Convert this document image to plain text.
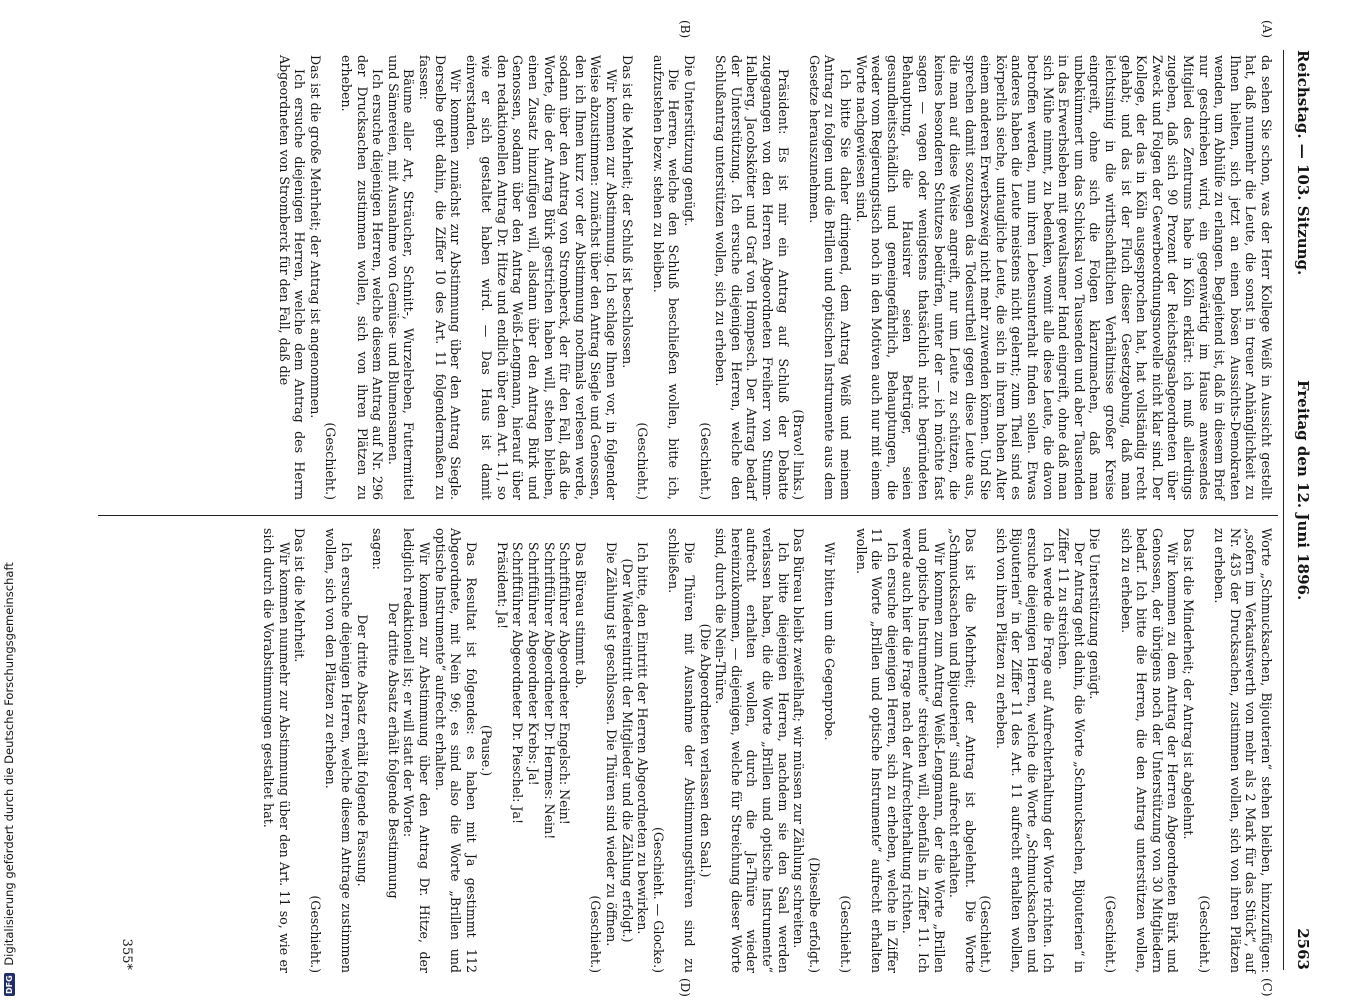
Reichstag. — 103. Sitzung.
Freitag den 12. Juni 1896.
2563
(A)
(B)
(C)
(D)

da sehen Sie schon, was der Herr Kollege Weiß in Aussicht gestellt hat, daß nunmehr die Leute, die sonst in treuer Anhänglichkeit zu Ihnen hielten, sich jetzt an einen bösen Aussichts-Demokraten wenden, um Abhülfe zu erlangen. Begleitend ist, daß in diesem Brief nur geschrieben wird, ein gegenwärtig im Hause anwesendes Mitglied des Zentrums habe in Köln erklärt: ich muß allerdings zugeben, daß sich 90 Prozent der Reichstagsabgeordneten über Zweck und Folgen der Gewerbeordnungsnovelle nicht klar sind. Der Kollege, der das in Köln ausgesprochen hat, hat vollständig recht gehabt; und das ist der Fluch dieser Gesetzgebung, daß man leichtsinnig in die wirthschaftlichen Verhältnisse großer Kreise eingreift, ohne sich die Folgen klarzumachen, daß man unbekümmert um das Schicksal von Tausenden und aber Tausenden in das Erwerbsleben mit gewaltsamer Hand eingreift, ohne daß man sich Mühe nimmt, zu bedenken, womit alle diese Leute, die davon betroffen werden, nun ihren Lebensunterhalt finden sollen. Etwas anderes haben die Leute meistens nicht gelernt; zum Theil sind es körperlich sieche, untaugliche Leute, die sich in ihrem hohen Alter einem anderen Erwerbszweig nicht mehr zuwenden können. Und Sie sprechen damit sozusagen das Todesurtheil gegen diese Leute aus, die man auf diese Weise angreift, nur um Leute zu schützen, die keines besonderen Schutzes bedürfen, unter der — ich möchte fast sagen — vagen oder wenigstens thatsächlich nicht begründeten Behauptung, die Hausirer seien Betrüger, seien gesundheitsschädlich und gemeingefährlich, Behauptungen, die weder vom Regierungstisch noch in den Motiven auch nur mit einem Worte nachgewiesen sind.

Ich bitte Sie daher dringend, dem Antrag Weiß und meinem Antrag zu folgen und die Brillen und optischen Instrumente aus dem Gesetze herauszunehmen.

(Bravo! links.)

Präsident: Es ist mir ein Antrag auf Schluß der Debatte zugegangen von den Herren Abgeordneten Freiherr von Stumm-Halberg, Jacobskötter und Graf von Hompesch. Der Antrag bedarf der Unterstützung. Ich ersuche diejenigen Herren, welche den Schlußantrag unterstützen wollen, sich zu erheben.

(Geschieht.)

Die Unterstützung genügt.

Die Herren, welche den Schluß beschließen wollen, bitte ich, aufzustehen bezw. stehen zu bleiben.

(Geschieht.)

Das ist die Mehrheit; der Schluß ist beschlossen.

Wir kommen zur Abstimmung. Ich schlage Ihnen vor, in folgender Weise abzustimmen: zunächst über den Antrag Siegle und Genossen, den ich Ihnen kurz vor der Abstimmung nochmals verlesen werde, sodann über den Antrag von Stromberck, der für den Fall, daß die Worte, die der Antrag Bürk gestrichen haben will, stehen bleiben, einen Zusatz hinzufügen will, alsdann über den Antrag Bürk und Genossen, sodann über den Antrag Weiß-Lengmann, hierauf über den redaktionellen Antrag Dr. Hitze und endlich über den Art. 11, so wie er sich gestaltet haben wird. — Das Haus ist damit einverstanden.

Wir kommen zunächst zur Abstimmung über den Antrag Siegle. Derselbe geht dahin, die Ziffer 10 des Art. 11 folgendermaßen zu fassen:

Bäume aller Art, Sträucher, Schnitt-, Wurzelreben, Futtermittel und Sämereien, mit Ausnahme von Gemüse- und Blumensamen.

Ich ersuche diejenigen Herren, welche diesem Antrag auf Nr. 296 der Drucksachen zustimmen wollen, sich von ihren Plätzen zu erheben.

(Geschieht.)

Das ist die große Mehrheit; der Antrag ist angenommen.

Ich ersuche diejenigen Herren, welche dem Antrag des Herrn Abgeordneten von Stromberck für den Fall, daß die

Worte „Schmucksachen, Bijouterien“ stehen bleiben, hinzuzufügen: „sofern im Verkaufswerth von mehr als 2 Mark für das Stück“, auf Nr. 435 der Drucksachen, zustimmen wollen, sich von ihren Plätzen zu erheben.

(Geschieht.)

Das ist die Minderheit; der Antrag ist abgelehnt.

Wir kommen zu dem Antrag der Herren Abgeordneten Bürk und Genossen, der übrigens noch der Unterstützung von 30 Mitgliedern bedarf. Ich bitte die Herren, die den Antrag unterstützen wollen, sich zu erheben.

(Geschieht.)

Die Unterstützung genügt.

Der Antrag geht dahin, die Worte „Schmucksachen, Bijouterien“ in Ziffer 11 zu streichen.

Ich werde die Frage auf Aufrechterhaltung der Worte richten. Ich ersuche diejenigen Herren, welche die Worte „Schmucksachen und Bijouterien“ in der Ziffer 11 des Art. 11 aufrecht erhalten wollen, sich von ihren Plätzen zu erheben.

(Geschieht.)

Das ist die Mehrheit; der Antrag ist abgelehnt. Die Worte „Schmucksachen und Bijouterien“ sind aufrecht erhalten.

Wir kommen zum Antrag Weiß-Lengmann, der die Worte „Brillen und optische Instrumente“ streichen will, ebenfalls in Ziffer 11. Ich werde auch hier die Frage nach der Aufrechterhaltung richten.

Ich ersuche diejenigen Herren, sich zu erheben, welche in Ziffer 11 die Worte „Brillen und optische Instrumente“ aufrecht erhalten wollen.

(Geschieht.)

Wir bitten um die Gegenprobe.

(Dieselbe erfolgt.)

Das Büreau bleibt zweifelhaft; wir müssen zur Zählung schreiten.

Ich bitte diejenigen Herren, nachdem sie den Saal werden verlassen haben, die die Worte „Brillen und optische Instrumente“ aufrecht erhalten wollen, durch die Ja-Thüre wieder hereinzukommen, — diejenigen, welche für Streichung dieser Worte sind, durch die Nein-Thüre.

(Die Abgeordneten verlassen den Saal.)

Die Thüren mit Ausnahme der Abstimmungsthüren sind zu schließen.

(Geschieht. — Glocke.)

Ich bitte, den Eintritt der Herren Abgeordneten zu bewirken.

(Der Wiedereintritt der Mitglieder und die Zählung erfolgt.)

Die Zählung ist geschlossen. Die Thüren sind wieder zu öffnen.

(Geschieht.)

Das Büreau stimmt ab.

Schriftführer Abgeordneter Engelsch: Nein!

Schriftführer Abgeordneter Dr. Hermes: Nein!

Schriftführer Abgeordneter Krebs: Ja!

Schriftführer Abgeordneter Dr. Pieschel: Ja!

Präsident: Ja!

(Pause.)

Das Resultat ist folgendes: es haben mit Ja gestimmt 112 Abgeordnete, mit Nein 96; es sind also die Worte „Brillen und optische Instrumente“ aufrecht erhalten.

Wir kommen zur Abstimmung über den Antrag Dr. Hitze, der lediglich redaktionell ist; er will statt der Worte:

Der dritte Absatz erhält folgende Bestimmung

sagen:

Der dritte Absatz erhält folgende Fassung.

Ich ersuche diejenigen Herren, welche diesem Antrage zustimmen wollen, sich von den Plätzen zu erheben.

(Geschieht.)

Das ist die Mehrheit.

Wir kommen nunmehr zur Abstimmung über den Art. 11 so, wie er sich durch die Vorabstimmungen gestaltet hat.

355*
DFG Digitalisierung gefördert durch die Deutsche Forschungsgemeinschaft
